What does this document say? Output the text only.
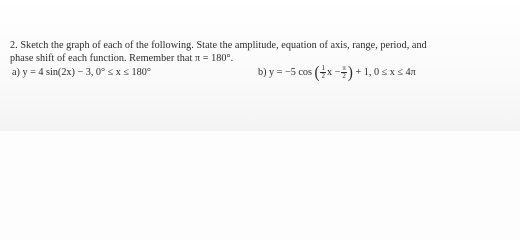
2. Sketch the graph of each of the following. State the amplitude, equation of axis, range, period, and
phase shift of each function. Remember that π = 180°.
a) y = 4 sin(2x) − 3, 0° ≤ x ≤ 180°	b) y = −5 cos ( $\frac{1}{2}$ $x - \frac{\pi}{2}$ ) + 1, 0 ≤ x ≤ 4π
